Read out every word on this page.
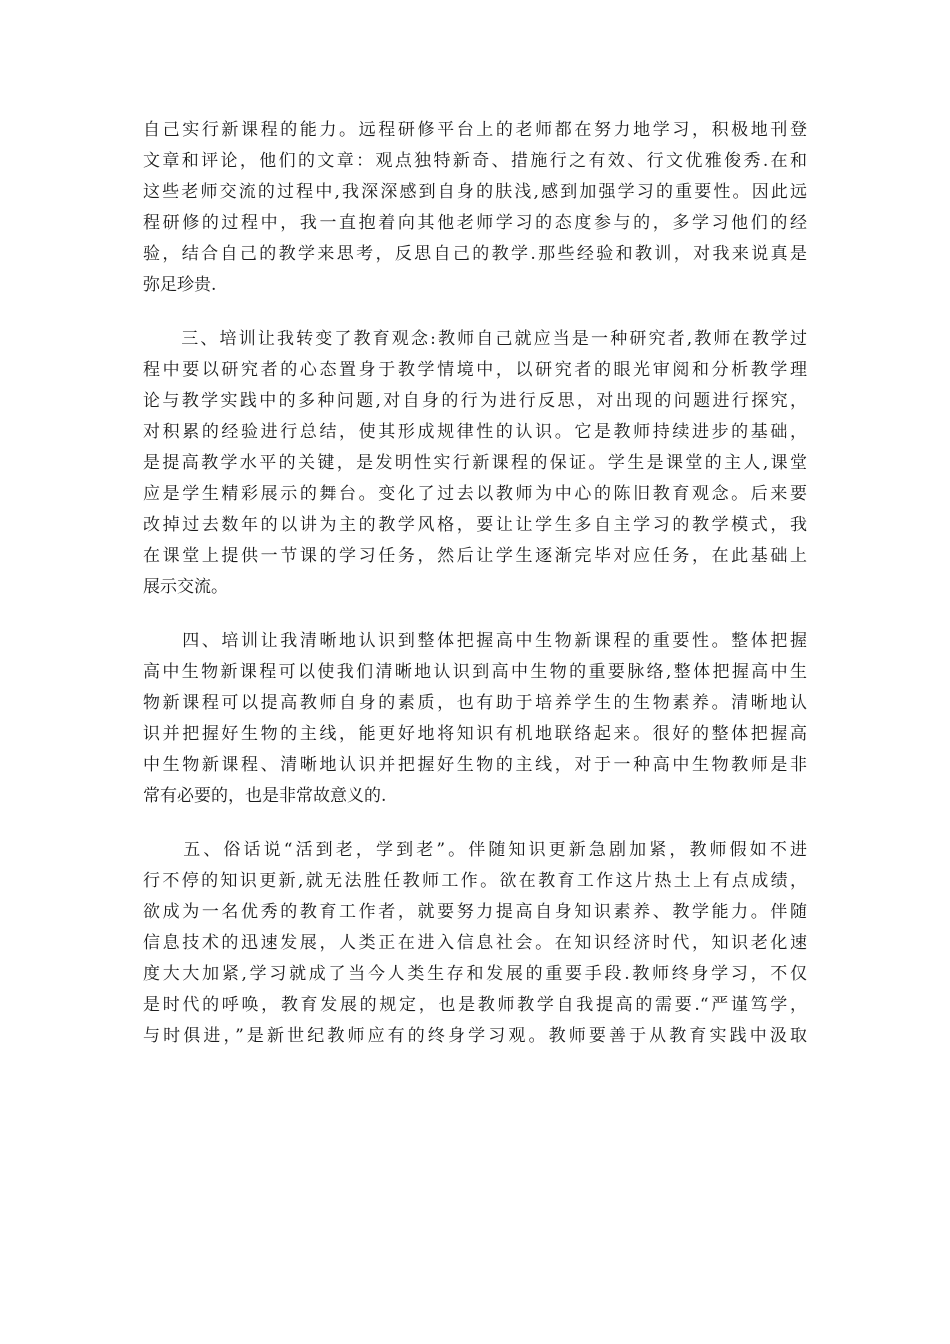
自己实行新课程的能力。远程研修平台上的老师都在努力地学习，积极地刊登
文章和评论，他们的文章：观点独特新奇、措施行之有效、行文优雅俊秀.在和
这些老师交流的过程中,我深深感到自身的肤浅,感到加强学习的重要性。因此远
程研修的过程中，我一直抱着向其他老师学习的态度参与的，多学习他们的经
验，结合自己的教学来思考，反思自己的教学.那些经验和教训，对我来说真是
弥足珍贵.
　　三、培训让我转变了教育观念:教师自己就应当是一种研究者,教师在教学过
程中要以研究者的心态置身于教学情境中，以研究者的眼光审阅和分析教学理
论与教学实践中的多种问题,对自身的行为进行反思，对出现的问题进行探究，
对积累的经验进行总结，使其形成规律性的认识。它是教师持续进步的基础，
是提高教学水平的关键，是发明性实行新课程的保证。学生是课堂的主人,课堂
应是学生精彩展示的舞台。变化了过去以教师为中心的陈旧教育观念。后来要
改掉过去数年的以讲为主的教学风格，要让让学生多自主学习的教学模式，我
在课堂上提供一节课的学习任务，然后让学生逐渐完毕对应任务，在此基础上
展示交流。
　　四、培训让我清晰地认识到整体把握高中生物新课程的重要性。整体把握
高中生物新课程可以使我们清晰地认识到高中生物的重要脉络,整体把握高中生
物新课程可以提高教师自身的素质，也有助于培养学生的生物素养。清晰地认
识并把握好生物的主线，能更好地将知识有机地联络起来。很好的整体把握高
中生物新课程、清晰地认识并把握好生物的主线，对于一种高中生物教师是非
常有必要的，也是非常故意义的.
　　五、俗话说“活到老，学到老”。伴随知识更新急剧加紧，教师假如不进
行不停的知识更新,就无法胜任教师工作。欲在教育工作这片热土上有点成绩，
欲成为一名优秀的教育工作者，就要努力提高自身知识素养、教学能力。伴随
信息技术的迅速发展，人类正在进入信息社会。在知识经济时代，知识老化速
度大大加紧,学习就成了当今人类生存和发展的重要手段.教师终身学习，不仅
是时代的呼唤，教育发展的规定，也是教师教学自我提高的需要.“严谨笃学，
与时俱进，”是新世纪教师应有的终身学习观。教师要善于从教育实践中汲取
